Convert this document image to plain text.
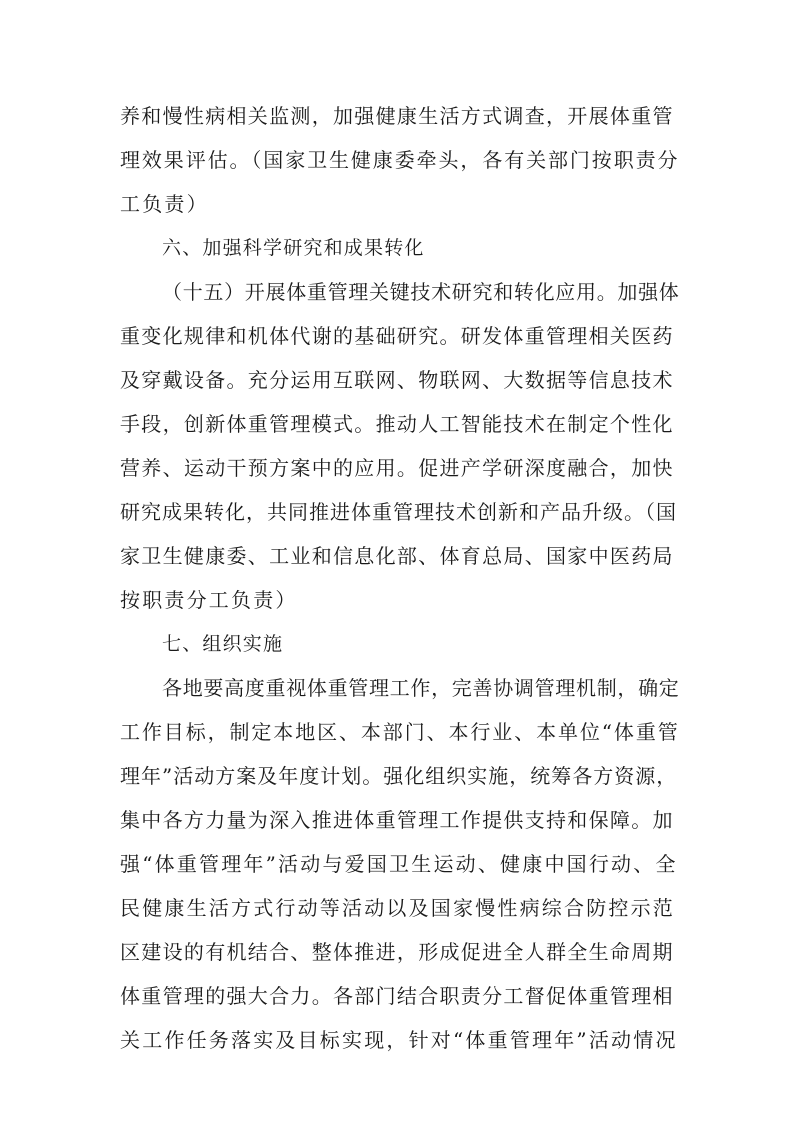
养和慢性病相关监测，加强健康生活方式调查，开展体重管
理效果评估。（国家卫生健康委牵头，各有关部门按职责分
工负责）
六、加强科学研究和成果转化
（十五）开展体重管理关键技术研究和转化应用。加强体
重变化规律和机体代谢的基础研究。研发体重管理相关医药
及穿戴设备。充分运用互联网、物联网、大数据等信息技术
手段，创新体重管理模式。推动人工智能技术在制定个性化
营养、运动干预方案中的应用。促进产学研深度融合，加快
研究成果转化，共同推进体重管理技术创新和产品升级。（国
家卫生健康委、工业和信息化部、体育总局、国家中医药局
按职责分工负责）
七、组织实施
各地要高度重视体重管理工作，完善协调管理机制，确定
工作目标，制定本地区、本部门、本行业、本单位“体重管
理年”活动方案及年度计划。强化组织实施，统筹各方资源，
集中各方力量为深入推进体重管理工作提供支持和保障。加
强“体重管理年”活动与爱国卫生运动、健康中国行动、全
民健康生活方式行动等活动以及国家慢性病综合防控示范
区建设的有机结合、整体推进，形成促进全人群全生命周期
体重管理的强大合力。各部门结合职责分工督促体重管理相
关工作任务落实及目标实现，针对“体重管理年”活动情况
